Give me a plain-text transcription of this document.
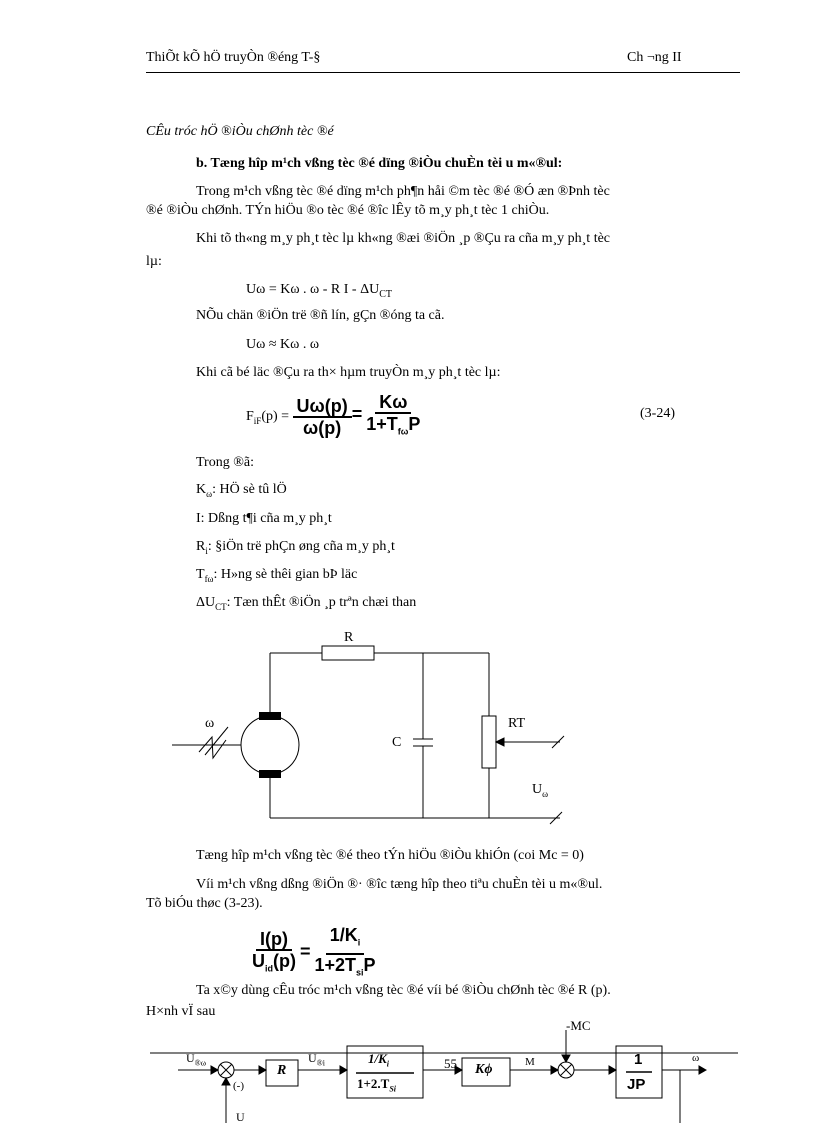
ThiÕt kÕ hÖ truyÒn ®éng T-§	Ch ¬ng II
CÊu tróc hÖ ®iÒu chØnh tèc ®é
b. Tæng hîp m¹ch vßng tèc ®é dïng ®iÒu chuÈn tèi u m«®ul:
Trong m¹ch vßng tèc ®é dïng m¹ch ph¶n håi ©m tèc ®é ®Ó æn ®Þnh tèc
®é ®iÒu chØnh. TÝn hiÖu ®o tèc ®é ®îc lÊy tõ m¸y ph¸t tèc 1 chiÒu.
Khi tõ th«ng m¸y ph¸t tèc lµ kh«ng ®æi ®iÖn ¸p ®Çu ra cña m¸y ph¸t tèc
lµ:
Uω = Kω . ω - R I - $\Delta U_{CT}$
NÕu chän ®iÖn trë ®ñ lín, gÇn ®óng ta cã.
Uω ≈ Kω . ω
Khi cã bé läc ®Çu ra th× hµm truyÒn m¸y ph¸t tèc lµ:
$F_{iF}(p) = \frac{U\omega(p)}{\omega(p)} = \frac{K\omega}{1+T_{f\omega}P}$	(3-24)
Trong ®ã:
$K_\omega$: HÖ sè tû lÖ
I: Dßng t¶i cña m¸y ph¸t
$R_i$: §iÖn trë phÇn øng cña m¸y ph¸t
$T_{f\omega}$: H»ng sè thêi gian bÞ läc
$\Delta U_{CT}$: Tæn thÊt ®iÖn ¸p trªn chæi than
R
C
RT
ω
$U_\omega$
Tæng hîp m¹ch vßng tèc ®é theo tÝn hiÖu ®iÒu khiÓn (coi Mc = 0)
Víi m¹ch vßng dßng ®iÖn ®· ®îc tæng hîp theo tiªu chuÈn tèi u m«®ul.
Tõ biÓu thøc (3-23).
$\frac{I(p)}{U_{id}(p)} = \frac{1/K_i}{1+2T_{si}P}$
Ta x©y dùng cÊu tróc m¹ch vßng tèc ®é víi bé ®iÒu chØnh tèc ®é R (p).
H×nh vÏ sau
$U_{®\omega}$
(-)
R
$U_{®i}$	$1/K_i$
$1+2.T_{Si}$
55 Kϕ	M
-MC
1
JP
ω
U
